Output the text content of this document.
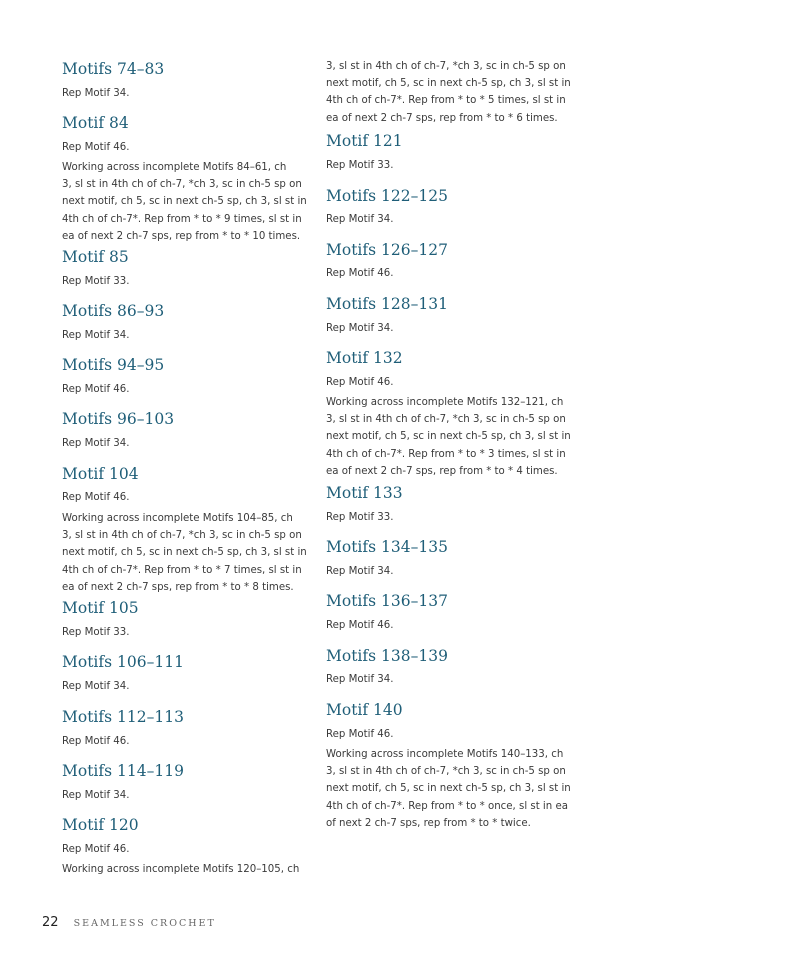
Motifs 74–83
Rep Motif 34.
Motif 84
Rep Motif 46.
Working across incomplete Motifs 84–61, ch
3, sl st in 4th ch of ch-7, *ch 3, sc in ch-5 sp on
next motif, ch 5, sc in next ch-5 sp, ch 3, sl st in
4th ch of ch-7*. Rep from * to * 9 times, sl st in
ea of next 2 ch-7 sps, rep from * to * 10 times.
Motif 85
Rep Motif 33.
Motifs 86–93
Rep Motif 34.
Motifs 94–95
Rep Motif 46.
Motifs 96–103
Rep Motif 34.
Motif 104
Rep Motif 46.
Working across incomplete Motifs 104–85, ch
3, sl st in 4th ch of ch-7, *ch 3, sc in ch-5 sp on
next motif, ch 5, sc in next ch-5 sp, ch 3, sl st in
4th ch of ch-7*. Rep from * to * 7 times, sl st in
ea of next 2 ch-7 sps, rep from * to * 8 times.
Motif 105
Rep Motif 33.
Motifs 106–111
Rep Motif 34.
Motifs 112–113
Rep Motif 46.
Motifs 114–119
Rep Motif 34.
Motif 120
Rep Motif 46.
Working across incomplete Motifs 120–105, ch
3, sl st in 4th ch of ch-7, *ch 3, sc in ch-5 sp on
next motif, ch 5, sc in next ch-5 sp, ch 3, sl st in
4th ch of ch-7*. Rep from * to * 5 times, sl st in
ea of next 2 ch-7 sps, rep from * to * 6 times.
Motif 121
Rep Motif 33.
Motifs 122–125
Rep Motif 34.
Motifs 126–127
Rep Motif 46.
Motifs 128–131
Rep Motif 34.
Motif 132
Rep Motif 46.
Working across incomplete Motifs 132–121, ch
3, sl st in 4th ch of ch-7, *ch 3, sc in ch-5 sp on
next motif, ch 5, sc in next ch-5 sp, ch 3, sl st in
4th ch of ch-7*. Rep from * to * 3 times, sl st in
ea of next 2 ch-7 sps, rep from * to * 4 times.
Motif 133
Rep Motif 33.
Motifs 134–135
Rep Motif 34.
Motifs 136–137
Rep Motif 46.
Motifs 138–139
Rep Motif 34.
Motif 140
Rep Motif 46.
Working across incomplete Motifs 140–133, ch
3, sl st in 4th ch of ch-7, *ch 3, sc in ch-5 sp on
next motif, ch 5, sc in next ch-5 sp, ch 3, sl st in
4th ch of ch-7*. Rep from * to * once, sl st in ea
of next 2 ch-7 sps, rep from * to * twice.
22 SEAMLESS CROCHET
